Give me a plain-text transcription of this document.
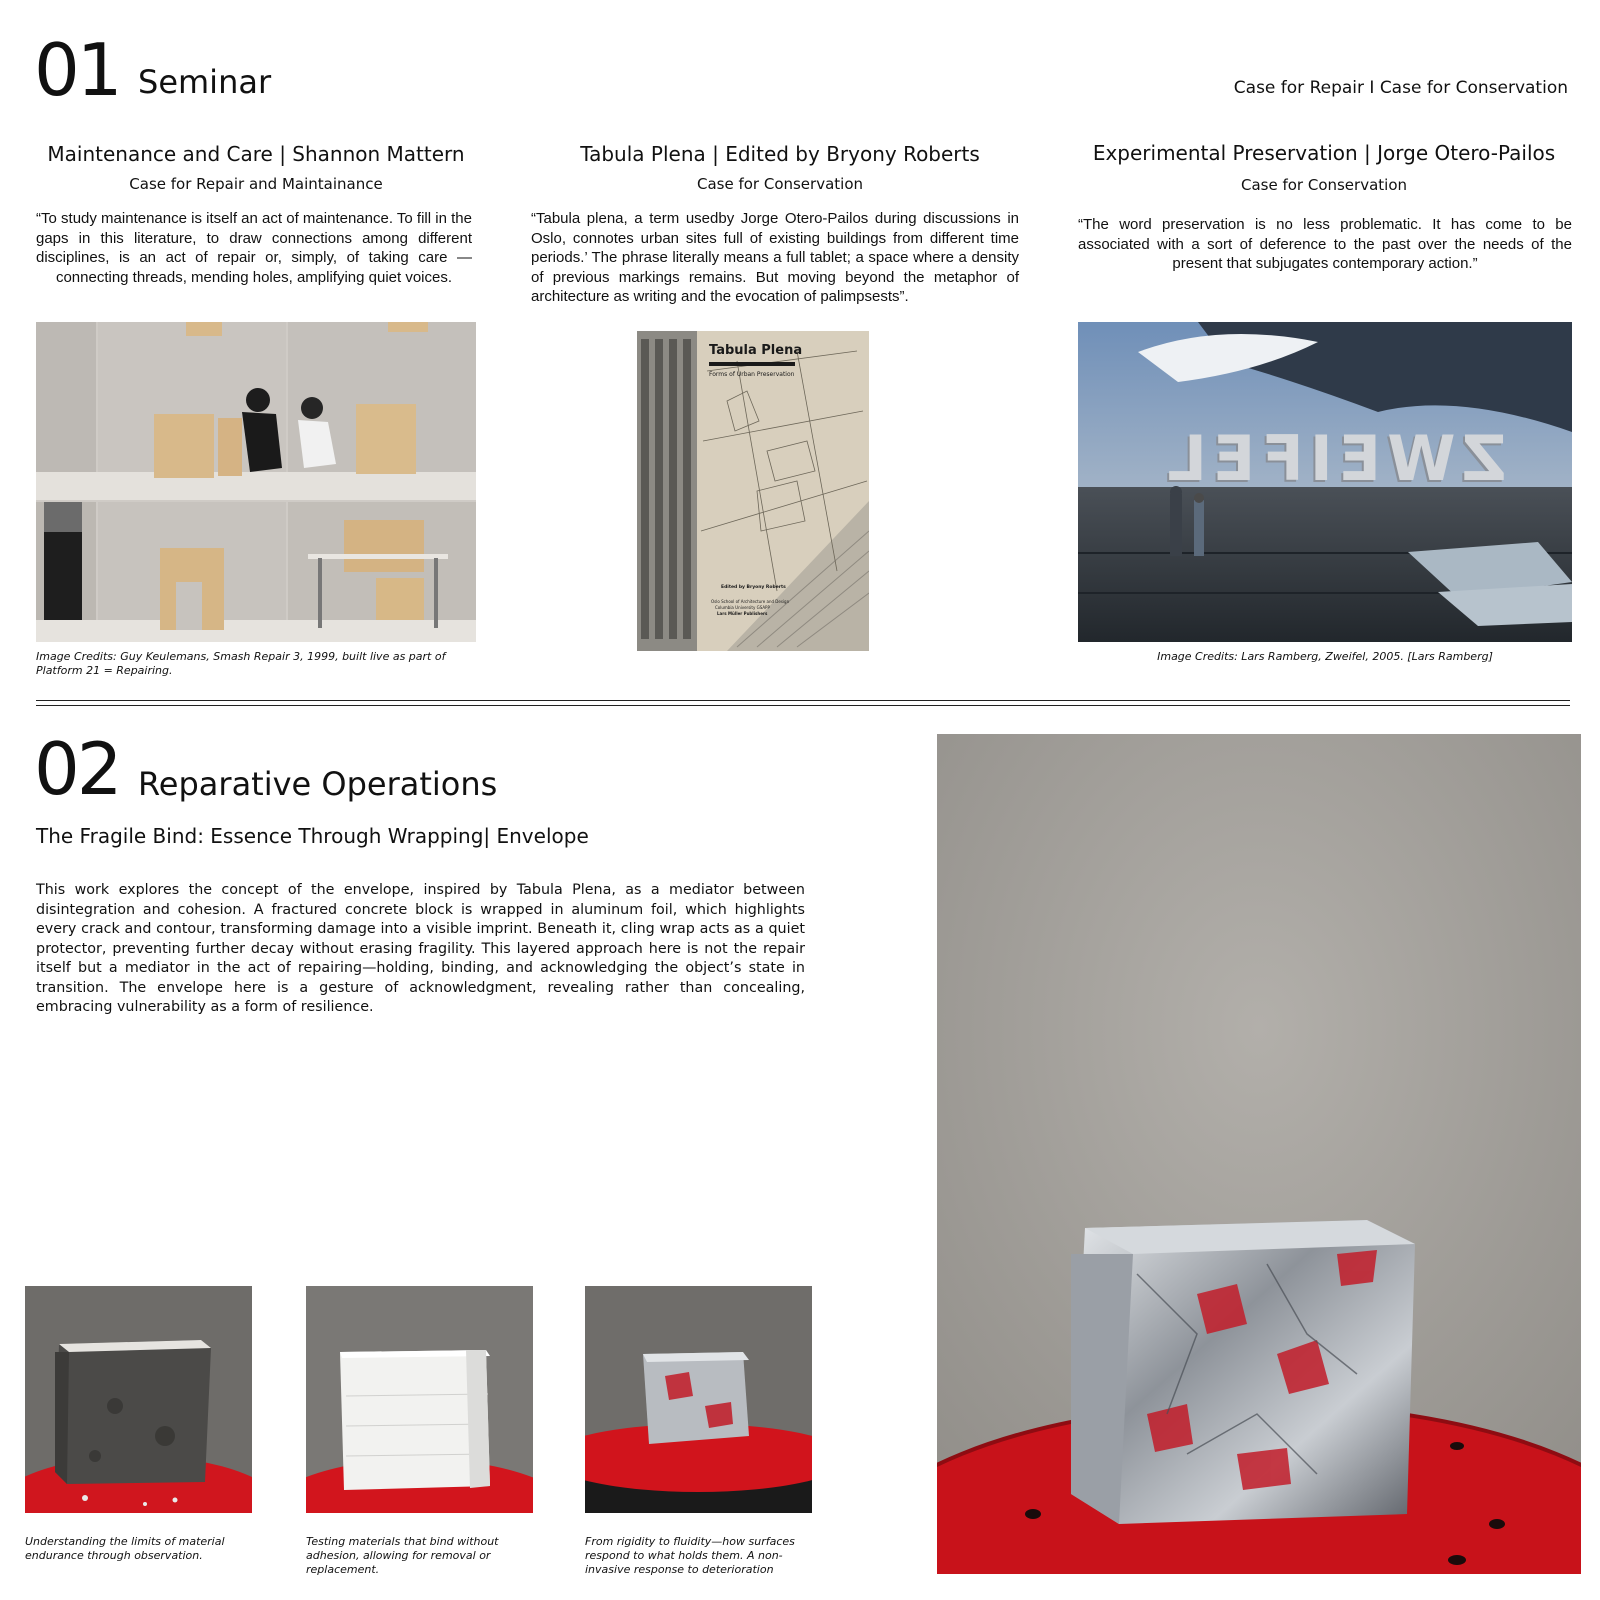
01 Seminar	Case for Repair I Case for Conservation
Maintenance and Care | Shannon Mattern
Case for Repair and Maintainance
“To study maintenance is itself an act of maintenance. To fill in the gaps in this literature, to draw connections among different disciplines, is an act of repair or, simply, of taking care — connecting threads, mending holes, amplifying quiet voices.
Image Credits: Guy Keulemans, Smash Repair 3, 1999, built live as part of Platform 21 = Repairing.
Tabula Plena | Edited by Bryony Roberts
Case for Conservation
“Tabula plena, a term usedby Jorge Otero-Pailos during discussions in Oslo, connotes urban sites full of existing buildings from different time periods.’ The phrase literally means a full tablet; a space where a density of previous markings remains. But moving beyond the metaphor of architecture as writing and the evocation of palimpsests”.
Tabula Plena
Forms of Urban Preservation
Edited by Bryony Roberts
Oslo School of Architecture and Design
Columbia University GSAPP
Lars Müller Publishers
Experimental Preservation | Jorge Otero-Pailos
Case for Conservation
“The word preservation is no less problematic. It has come to be associated with a sort of deference to the past over the needs of the present that subjugates contemporary action.”
ZWEIFEL
Image Credits: Lars Ramberg, Zweifel, 2005. [Lars Ramberg]
02 Reparative Operations
The Fragile Bind: Essence Through Wrapping| Envelope
This work explores the concept of the envelope, inspired by Tabula Plena, as a mediator between disintegration and cohesion. A fractured concrete block is wrapped in aluminum foil, which highlights every crack and contour, transforming damage into a visible imprint. Beneath it, cling wrap acts as a quiet protector, preventing further decay without erasing fragility. This layered approach here is not the repair itself but a mediator in the act of repairing—holding, binding, and acknowledging the object’s state in transition. The envelope here is a gesture of acknowledgment, revealing rather than concealing, embracing vulnerability as a form of resilience.
Understanding the limits of material endurance through observation.
Testing materials that bind without adhesion, allowing for removal or replacement.
From rigidity to fluidity—how surfaces respond to what holds them. A non-invasive response to deterioration
